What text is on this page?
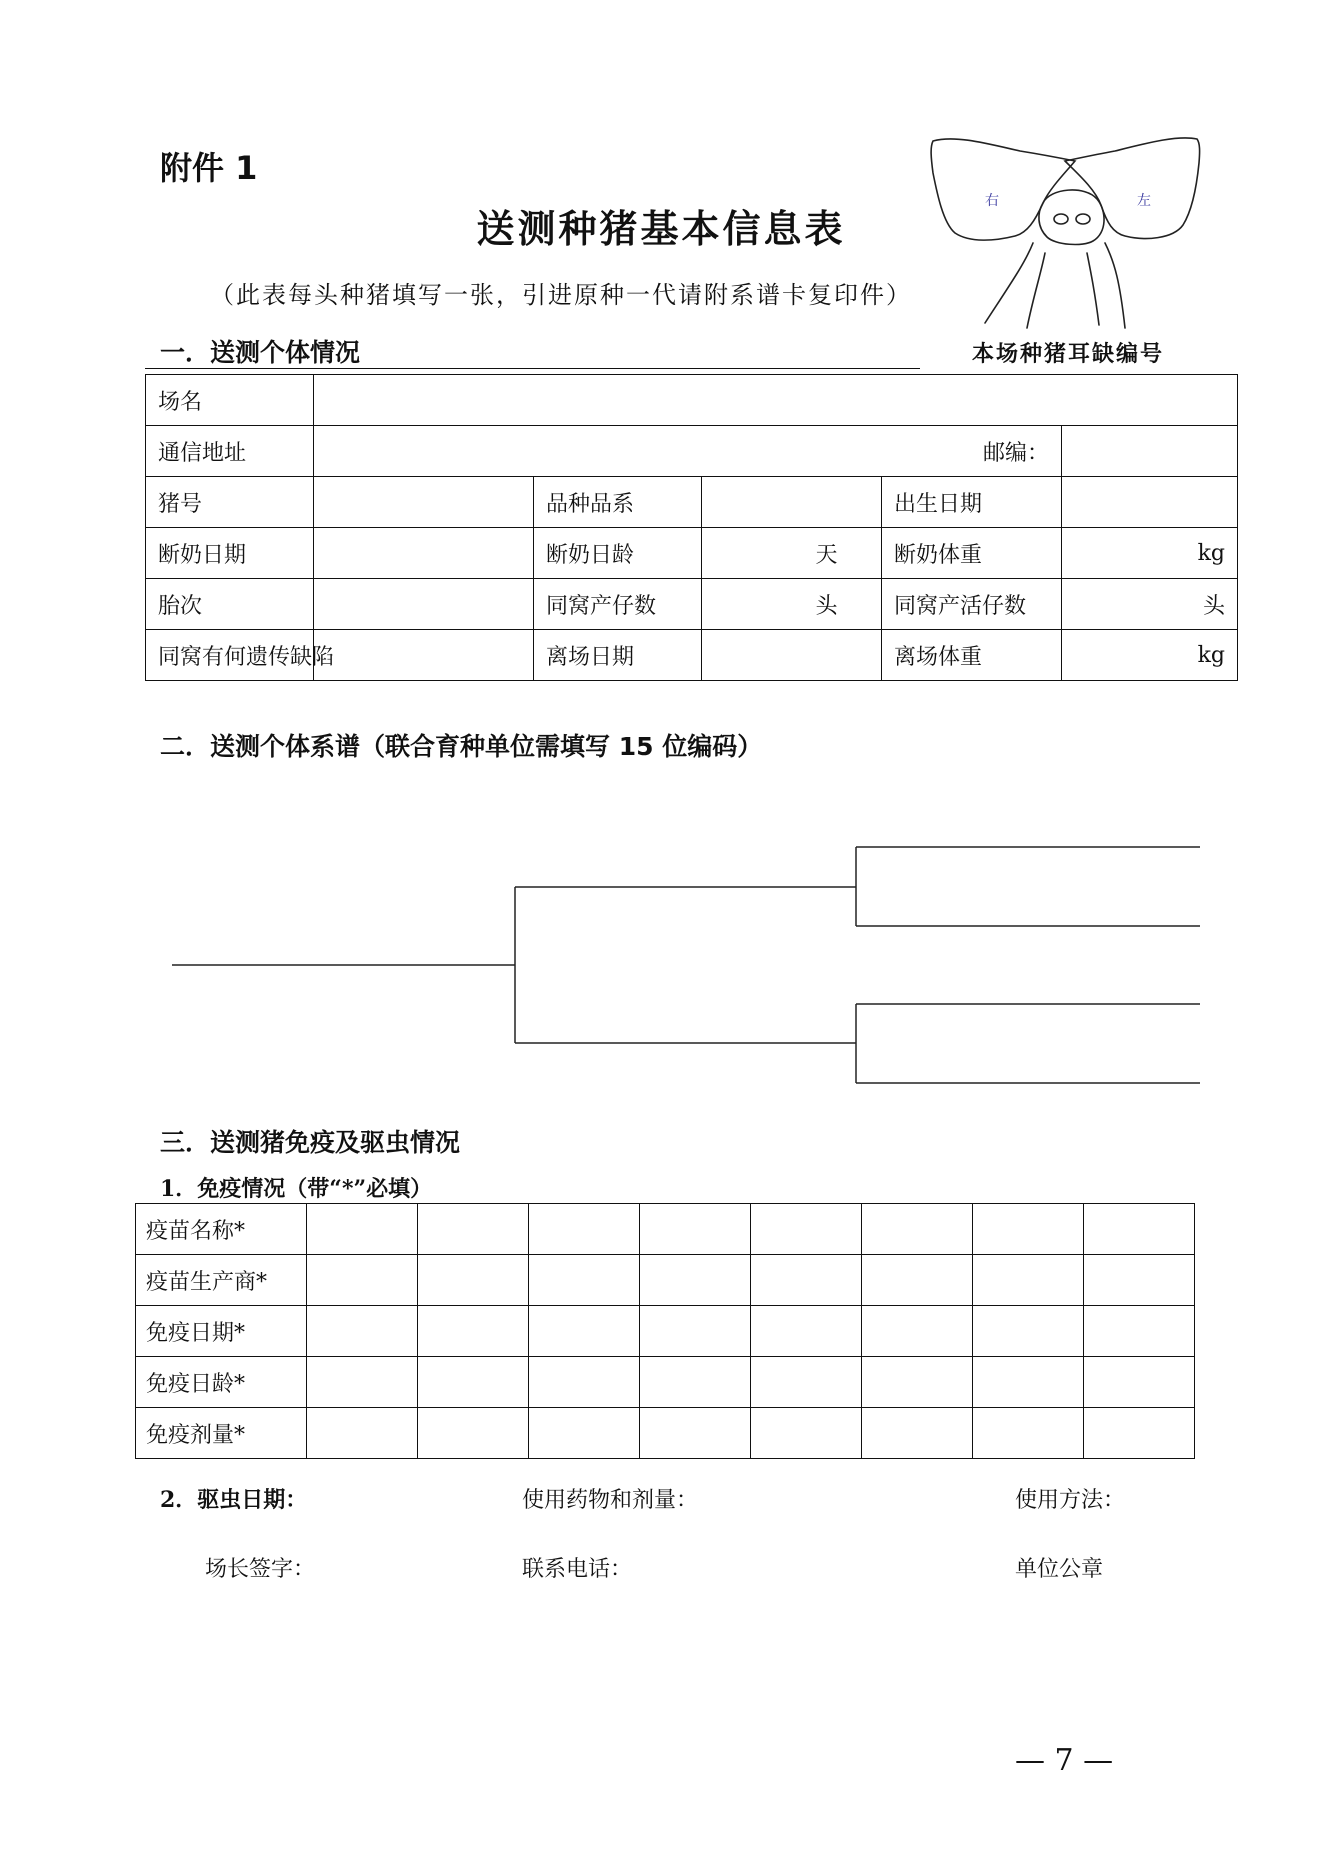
附件 1
送测种猪基本信息表
（此表每头种猪填写一张，引进原种一代请附系谱卡复印件）
右	左
本场种猪耳缺编号
一．送测个体情况
场名					
通信地址	邮编：				
猪号		品种品系		出生日期	
断奶日期		断奶日龄	天	断奶体重	kg
胎次		同窝产仔数	头	同窝产活仔数	头
同窝有何遗传缺陷		离场日期		离场体重	kg
二．送测个体系谱（联合育种单位需填写 15 位编码）
三．送测猪免疫及驱虫情况
1．免疫情况（带“*”必填）
疫苗名称*								
疫苗生产商*								
免疫日期*								
免疫日龄*								
免疫剂量*								
2．驱虫日期：	使用药物和剂量：	使用方法：
场长签字：	联系电话：	单位公章
— 7 —
